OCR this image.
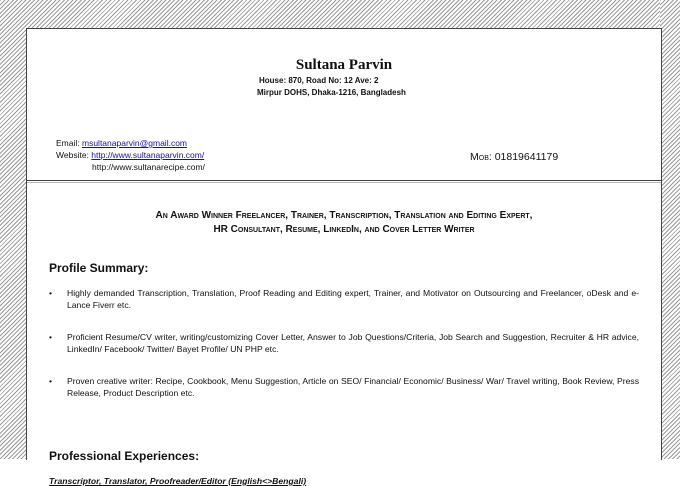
Sultana Parvin
House: 870, Road No: 12 Ave: 2
Mirpur DOHS, Dhaka-1216, Bangladesh
Email: msultanaparvin@gmail.com
Website: http://www.sultanaparvin.com/
http://www.sultanarecipe.com/
Mob: 01819641179
An Award Winner Freelancer, Trainer, Transcription, Translation and Editing Expert,
HR Consultant, Resume, LinkedIn, and Cover Letter Writer
Profile Summary:
• Highly demanded Transcription, Translation, Proof Reading and Editing expert, Trainer, and Motivator on Outsourcing and Freelancer, oDesk and e-Lance Fiverr etc.
• Proficient Resume/CV writer, writing/customizing Cover Letter, Answer to Job Questions/Criteria, Job Search and Suggestion, Recruiter & HR advice, LinkedIn/ Facebook/ Twitter/ Bayet Profile/ UN PHP etc.
• Proven creative writer: Recipe, Cookbook, Menu Suggestion, Article on SEO/ Financial/ Economic/ Business/ War/ Travel writing, Book Review, Press Release, Product Description etc.
Professional Experiences:
Transcriptor, Translator, Proofreader/Editor (English<>Bengali)
